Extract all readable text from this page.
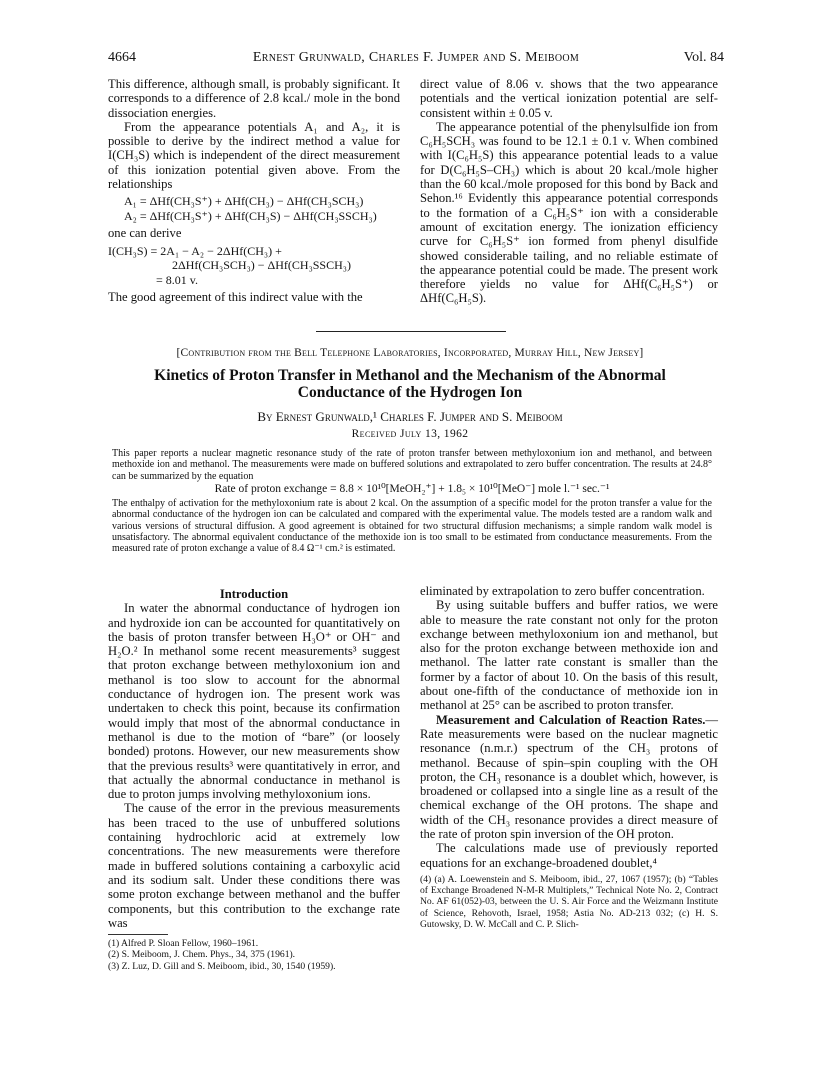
4664	Ernest Grunwald, Charles F. Jumper and S. Meiboom	Vol. 84

This difference, although small, is probably significant. It corresponds to a difference of 2.8 kcal./ mole in the bond dissociation energies.

From the appearance potentials A₁ and A₂, it is possible to derive by the indirect method a value for I(CH₃S) which is independent of the direct measurement of this ionization potential given above. From the relationships

A₁ = ΔHf(CH₃S⁺) + ΔHf(CH₃) − ΔHf(CH₃SCH₃)

A₂ = ΔHf(CH₃S⁺) + ΔHf(CH₃S) − ΔHf(CH₃SSCH₃)

one can derive

I(CH₃S) = 2A₁ − A₂ − 2ΔHf(CH₃) +

2ΔHf(CH₃SCH₃) − ΔHf(CH₃SSCH₃)

= 8.01 v.

The good agreement of this indirect value with the

direct value of 8.06 v. shows that the two appearance potentials and the vertical ionization potential are self-consistent within ± 0.05 v.

The appearance potential of the phenylsulfide ion from C₆H₅SCH₃ was found to be 12.1 ± 0.1 v. When combined with I(C₆H₅S) this appearance potential leads to a value for D(C₆H₅S–CH₃) which is about 20 kcal./mole higher than the 60 kcal./mole proposed for this bond by Back and Sehon.¹⁶ Evidently this appearance potential corresponds to the formation of a C₆H₅S⁺ ion with a considerable amount of excitation energy. The ionization efficiency curve for C₆H₅S⁺ ion formed from phenyl disulfide showed considerable tailing, and no reliable estimate of the appearance potential could be made. The present work therefore yields no value for ΔHf(C₆H₅S⁺) or ΔHf(C₆H₅S).

[Contribution from the Bell Telephone Laboratories, Incorporated, Murray Hill, New Jersey]
Kinetics of Proton Transfer in Methanol and the Mechanism of the Abnormal
Conductance of the Hydrogen Ion
By Ernest Grunwald,¹ Charles F. Jumper and S. Meiboom
Received July 13, 1962

This paper reports a nuclear magnetic resonance study of the rate of proton transfer between methyloxonium ion and methanol, and between methoxide ion and methanol. The measurements were made on buffered solutions and extrapolated to zero buffer concentration. The results at 24.8° can be summarized by the equation

Rate of proton exchange = 8.8 × 10¹⁰[MeOH₂⁺] + 1.8₅ × 10¹⁰[MeO⁻] mole l.⁻¹ sec.⁻¹

The enthalpy of activation for the methyloxonium rate is about 2 kcal. On the assumption of a specific model for the proton transfer a value for the abnormal conductance of the hydrogen ion can be calculated and compared with the experimental value. The models tested are a random walk and various versions of structural diffusion. A good agreement is obtained for two structural diffusion mechanisms; a simple random walk model is unsatisfactory. The abnormal equivalent conductance of the methoxide ion is too small to be estimated from conductance measurements. From the measured rate of proton exchange a value of 8.4 Ω⁻¹ cm.² is estimated.

Introduction

In water the abnormal conductance of hydrogen ion and hydroxide ion can be accounted for quantitatively on the basis of proton transfer between H₃O⁺ or OH⁻ and H₂O.² In methanol some recent measurements³ suggest that proton exchange between methyloxonium ion and methanol is too slow to account for the abnormal conductance of hydrogen ion. The present work was undertaken to check this point, because its confirmation would imply that most of the abnormal conductance in methanol is due to the motion of “bare” (or loosely bonded) protons. However, our new measurements show that the previous results³ were quantitatively in error, and that actually the abnormal conductance in methanol is due to proton jumps involving methyloxonium ions.

The cause of the error in the previous measurements has been traced to the use of unbuffered solutions containing hydrochloric acid at extremely low concentrations. The new measurements were therefore made in buffered solutions containing a carboxylic acid and its sodium salt. Under these conditions there was some proton exchange between methanol and the buffer components, but this contribution to the exchange rate was

(1) Alfred P. Sloan Fellow, 1960–1961.

(2) S. Meiboom, J. Chem. Phys., 34, 375 (1961).

(3) Z. Luz, D. Gill and S. Meiboom, ibid., 30, 1540 (1959).

eliminated by extrapolation to zero buffer concentration.

By using suitable buffers and buffer ratios, we were able to measure the rate constant not only for the proton exchange between methyloxonium ion and methanol, but also for the proton exchange between methoxide ion and methanol. The latter rate constant is smaller than the former by a factor of about 10. On the basis of this result, about one-fifth of the conductance of methoxide ion in methanol at 25° can be ascribed to proton transfer.

Measurement and Calculation of Reaction Rates.—Rate measurements were based on the nuclear magnetic resonance (n.m.r.) spectrum of the CH₃ protons of methanol. Because of spin–spin coupling with the OH proton, the CH₃ resonance is a doublet which, however, is broadened or collapsed into a single line as a result of the chemical exchange of the OH protons. The shape and width of the CH₃ resonance provides a direct measure of the rate of proton spin inversion of the OH proton.

The calculations made use of previously reported equations for an exchange-broadened doublet,⁴

(4) (a) A. Loewenstein and S. Meiboom, ibid., 27, 1067 (1957); (b) “Tables of Exchange Broadened N-M-R Multiplets,” Technical Note No. 2, Contract No. AF 61(052)-03, between the U. S. Air Force and the Weizmann Institute of Science, Rehovoth, Israel, 1958; Astia No. AD-213 032; (c) H. S. Gutowsky, D. W. McCall and C. P. Slich-
